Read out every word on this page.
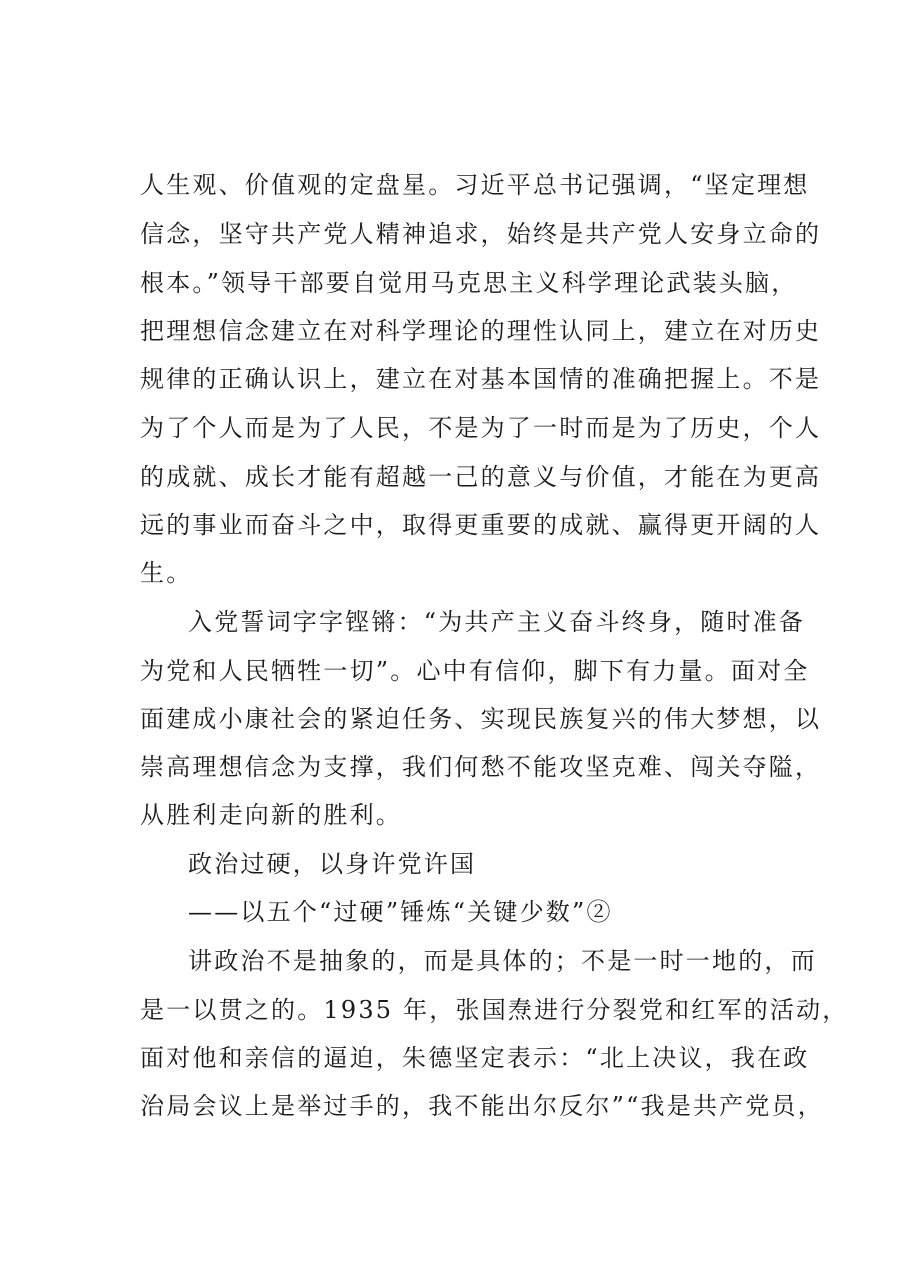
人生观、价值观的定盘星。习近平总书记强调，“坚定理想
信念，坚守共产党人精神追求，始终是共产党人安身立命的
根本。”领导干部要自觉用马克思主义科学理论武装头脑，
把理想信念建立在对科学理论的理性认同上，建立在对历史
规律的正确认识上，建立在对基本国情的准确把握上。不是
为了个人而是为了人民，不是为了一时而是为了历史，个人
的成就、成长才能有超越一己的意义与价值，才能在为更高
远的事业而奋斗之中，取得更重要的成就、赢得更开阔的人
生。
入党誓词字字铿锵：“为共产主义奋斗终身，随时准备
为党和人民牺牲一切”。心中有信仰，脚下有力量。面对全
面建成小康社会的紧迫任务、实现民族复兴的伟大梦想，以
崇高理想信念为支撑，我们何愁不能攻坚克难、闯关夺隘，
从胜利走向新的胜利。
政治过硬，以身许党许国
——以五个“过硬”锤炼“关键少数”②
讲政治不是抽象的，而是具体的；不是一时一地的，而
是一以贯之的。1935 年，张国焘进行分裂党和红军的活动，
面对他和亲信的逼迫，朱德坚定表示：“北上决议，我在政
治局会议上是举过手的，我不能出尔反尔”“我是共产党员，
